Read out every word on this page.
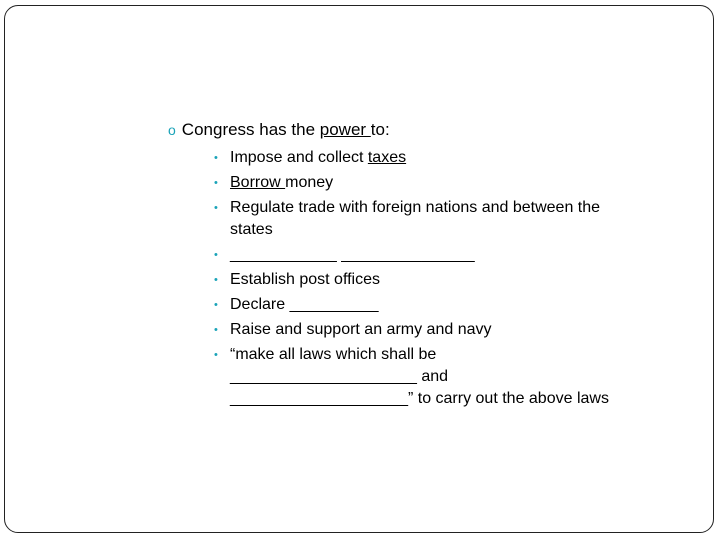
o Congress has the power to:
• Impose and collect taxes
• Borrow money
• Regulate trade with foreign nations and between the
states
• ____________ _______________
• Establish post offices
• Declare __________
• Raise and support an army and navy
• “make all laws which shall be
_____________________ and
____________________” to carry out the above laws
